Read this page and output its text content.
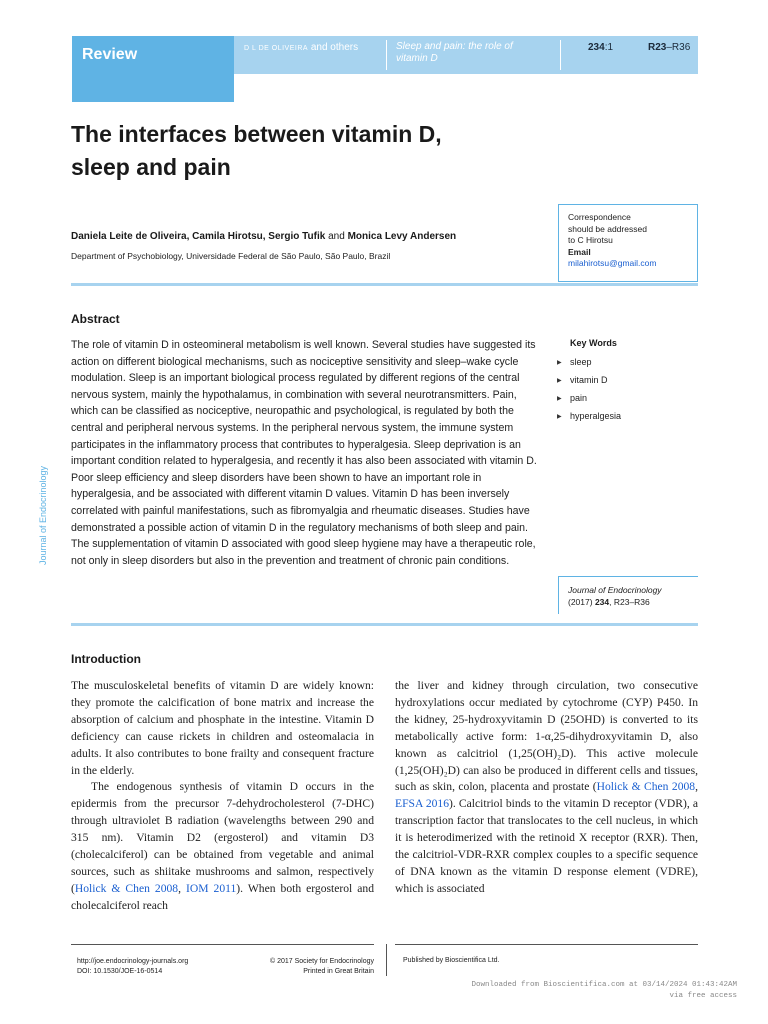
Review	D L DE OLIVEIRA and others	Sleep and pain: the role of vitamin D
234:1	R23–R36
The interfaces between vitamin D,
sleep and pain
Daniela Leite de Oliveira, Camila Hirotsu, Sergio Tufik and Monica Levy Andersen
Department of Psychobiology, Universidade Federal de São Paulo, São Paulo, Brazil
Correspondence
should be addressed
to C Hirotsu
Email
milahirotsu@gmail.com
Abstract

The role of vitamin D in osteomineral metabolism is well known. Several studies have suggested its action on different biological mechanisms, such as nociceptive sensitivity and sleep–wake cycle modulation. Sleep is an important biological process regulated by different regions of the central nervous system, mainly the hypothalamus, in combination with several neurotransmitters. Pain, which can be classified as nociceptive, neuropathic and psychological, is regulated by both the central and peripheral nervous systems. In the peripheral nervous system, the immune system participates in the inflammatory process that contributes to hyperalgesia. Sleep deprivation is an important condition related to hyperalgesia, and recently it has also been associated with vitamin D. Poor sleep efficiency and sleep disorders have been shown to have an important role in hyperalgesia, and be associated with different vitamin D values. Vitamin D has been inversely correlated with painful manifestations, such as fibromyalgia and rheumatic diseases. Studies have demonstrated a possible action of vitamin D in the regulatory mechanisms of both sleep and pain. The supplementation of vitamin D associated with good sleep hygiene may have a therapeutic role, not only in sleep disorders but also in the prevention and treatment of chronic pain conditions.

Key Words
▶ sleep
▶ vitamin D
▶ pain
▶ hyperalgesia
Journal of Endocrinology
(2017) 234, R23–R36
Journal of Endocrinology
Introduction

The musculoskeletal benefits of vitamin D are widely known: they promote the calcification of bone matrix and increase the absorption of calcium and phosphate in the intestine. Vitamin D deficiency can cause rickets in children and osteomalacia in adults. It also contributes to bone frailty and consequent fracture in the elderly.

The endogenous synthesis of vitamin D occurs in the epidermis from the precursor 7-dehydrocholesterol (7-DHC) through ultraviolet B radiation (wavelengths between 290 and 315 nm). Vitamin D2 (ergosterol) and vitamin D3 (cholecalciferol) can be obtained from vegetable and animal sources, such as shiitake mushrooms and salmon, respectively (Holick & Chen 2008, IOM 2011). When both ergosterol and cholecalciferol reach

the liver and kidney through circulation, two consecutive hydroxylations occur mediated by cytochrome (CYP) P450. In the kidney, 25-hydroxyvitamin D (25OHD) is converted to its metabolically active form: 1-α,25-dihydroxyvitamin D, also known as calcitriol (1,25(OH)₂D). This active molecule (1,25(OH)₂D) can also be produced in different cells and tissues, such as skin, colon, placenta and prostate (Holick & Chen 2008, EFSA 2016). Calcitriol binds to the vitamin D receptor (VDR), a transcription factor that translocates to the cell nucleus, in which it is heterodimerized with the retinoid X receptor (RXR). Then, the calcitriol-VDR-RXR complex couples to a specific sequence of DNA known as the vitamin D response element (VDRE), which is associated

http://joe.endocrinology-journals.org
DOI: 10.1530/JOE-16-0514
© 2017 Society for Endocrinology
Printed in Great Britain
Published by Bioscientifica Ltd.
Downloaded from Bioscientifica.com at 03/14/2024 01:43:42AM
via free access
